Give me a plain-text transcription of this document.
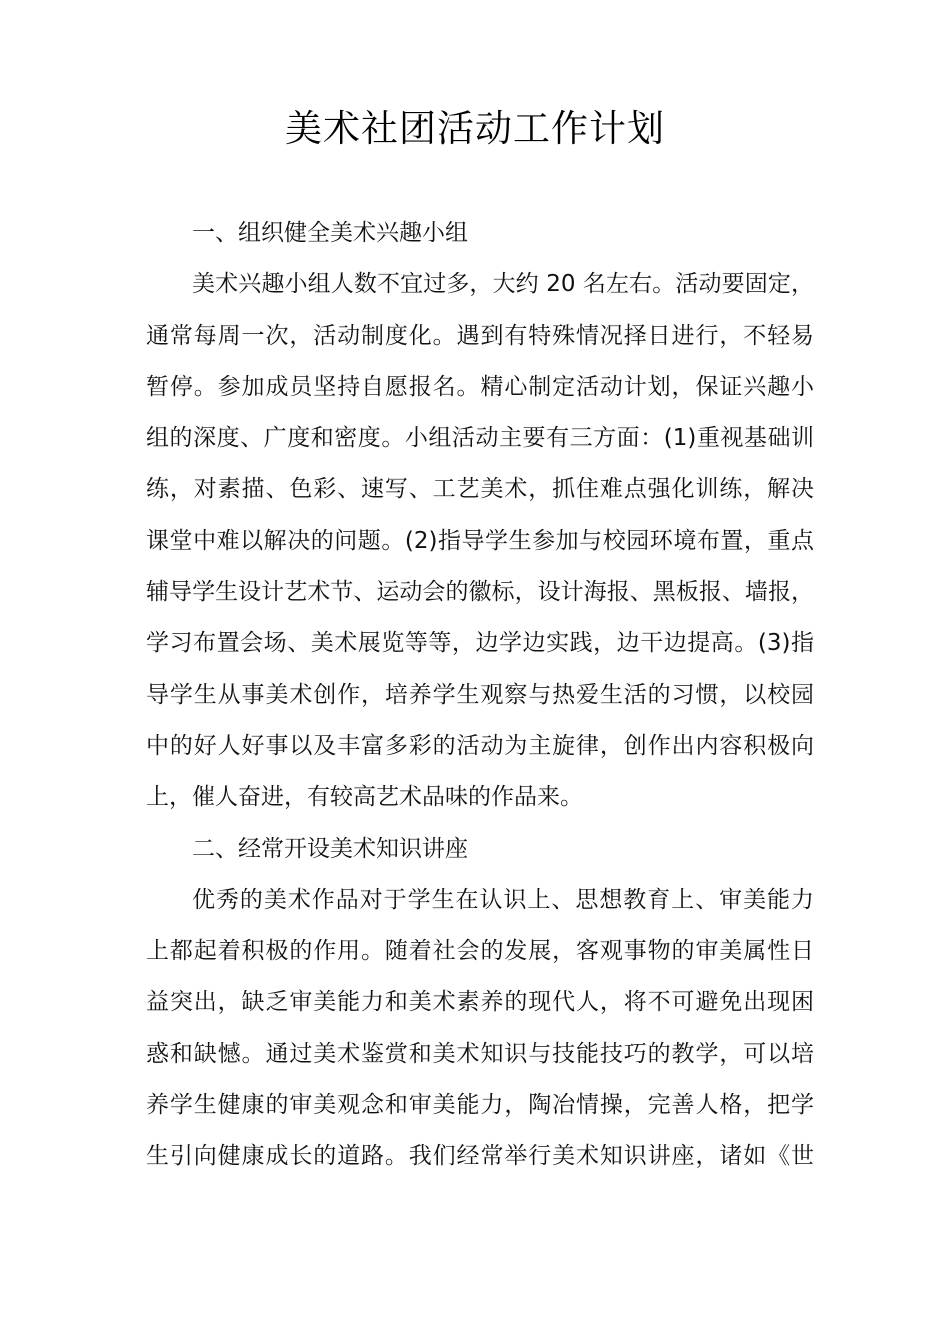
美术社团活动工作计划
一、组织健全美术兴趣小组
美术兴趣小组人数不宜过多，大约 20 名左右。活动要固定，
通常每周一次，活动制度化。遇到有特殊情况择日进行，不轻易
暂停。参加成员坚持自愿报名。精心制定活动计划，保证兴趣小
组的深度、广度和密度。小组活动主要有三方面：(1)重视基础训
练，对素描、色彩、速写、工艺美术，抓住难点强化训练，解决
课堂中难以解决的问题。(2)指导学生参加与校园环境布置，重点
辅导学生设计艺术节、运动会的徽标，设计海报、黑板报、墙报，
学习布置会场、美术展览等等，边学边实践，边干边提高。(3)指
导学生从事美术创作，培养学生观察与热爱生活的习惯，以校园
中的好人好事以及丰富多彩的活动为主旋律，创作出内容积极向
上，催人奋进，有较高艺术品味的作品来。
二、经常开设美术知识讲座
优秀的美术作品对于学生在认识上、思想教育上、审美能力
上都起着积极的作用。随着社会的发展，客观事物的审美属性日
益突出，缺乏审美能力和美术素养的现代人，将不可避免出现困
惑和缺憾。通过美术鉴赏和美术知识与技能技巧的教学，可以培
养学生健康的审美观念和审美能力，陶冶情操，完善人格，把学
生引向健康成长的道路。我们经常举行美术知识讲座，诸如《世
